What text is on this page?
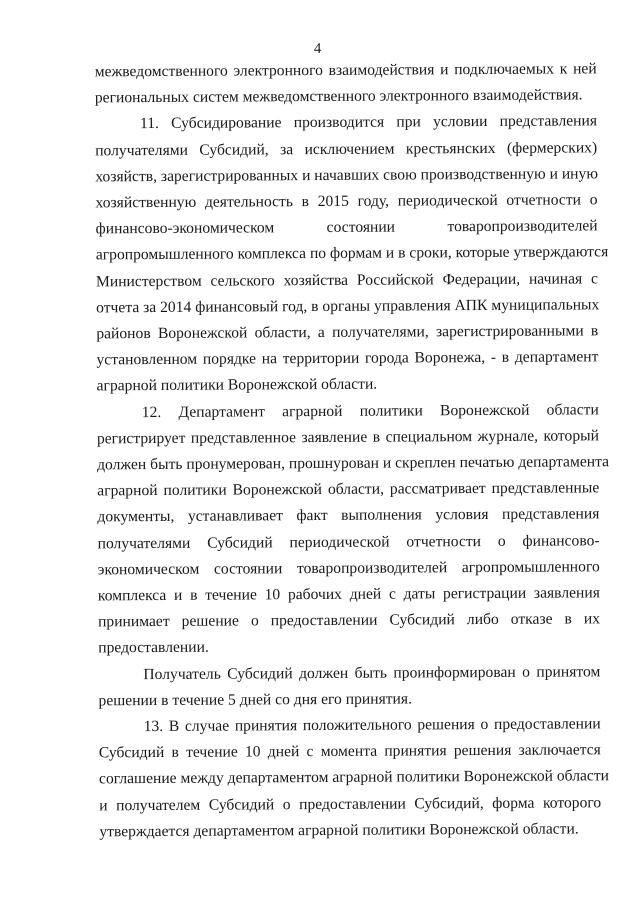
4

межведомственного электронного взаимодействия и подключаемых к ней
региональных систем межведомственного электронного взаимодействия.

11. Субсидирование производится при условии представления
получателями Субсидий, за исключением крестьянских (фермерских)
хозяйств, зарегистрированных и начавших свою производственную и иную
хозяйственную деятельность в 2015 году, периодической отчетности о
финансово-экономическом состоянии товаропроизводителей
агропромышленного комплекса по формам и в сроки, которые утверждаются
Министерством сельского хозяйства Российской Федерации, начиная с
отчета за 2014 финансовый год, в органы управления АПК муниципальных
районов Воронежской области, а получателями, зарегистрированными в
установленном порядке на территории города Воронежа, - в департамент
аграрной политики Воронежской области.

12. Департамент аграрной политики Воронежской области
регистрирует представленное заявление в специальном журнале, который
должен быть пронумерован, прошнурован и скреплен печатью департамента
аграрной политики Воронежской области, рассматривает представленные
документы, устанавливает факт выполнения условия представления
получателями Субсидий периодической отчетности о финансово-
экономическом состоянии товаропроизводителей агропромышленного
комплекса и в течение 10 рабочих дней с даты регистрации заявления
принимает решение о предоставлении Субсидий либо отказе в их
предоставлении.

Получатель Субсидий должен быть проинформирован о принятом
решении в течение 5 дней со дня его принятия.

13. В случае принятия положительного решения о предоставлении
Субсидий в течение 10 дней с момента принятия решения заключается
соглашение между департаментом аграрной политики Воронежской области
и получателем Субсидий о предоставлении Субсидий, форма которого
утверждается департаментом аграрной политики Воронежской области.
